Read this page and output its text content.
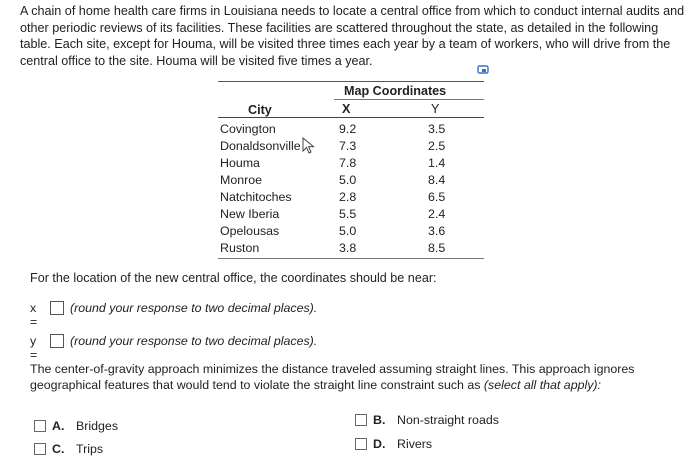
A chain of home health care firms in Louisiana needs to locate a central office from which to conduct internal audits and other periodic reviews of its facilities. These facilities are scattered throughout the state, as detailed in the following table. Each site, except for Houma, will be visited three times each year by a team of workers, who will drive from the central office to the site. Houma will be visited five times a year.
Map Coordinates
City	X	Y
Covington	9.2	3.5
Donaldsonville	7.3	2.5
Houma	7.8	1.4
Monroe	5.0	8.4
Natchitoches	2.8	6.5
New Iberia	5.5	2.4
Opelousas	5.0	3.6
Ruston	3.8	8.5
For the location of the new central office, the coordinates should be near:
x =
(round your response to two decimal places).
y =
(round your response to two decimal places).
The center-of-gravity approach minimizes the distance traveled assuming straight lines. This approach ignores geographical features that would tend to violate the straight line constraint such as (select all that apply):
A. Bridges	B. Non-straight roads
C. Trips	D. Rivers
